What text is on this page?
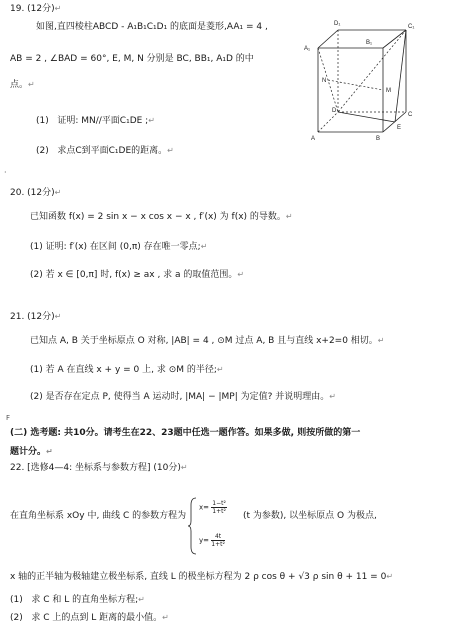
19. (12分)↵
如图,直四棱柱ABCD - A₁B₁C₁D₁ 的底面是菱形,AA₁ = 4 ,
AB = 2 , ∠BAD = 60°, E, M, N 分别是 BC, BB₁, A₁D 的中
点。↵
(1) 证明: MN//平面C₁DE ;↵
(2) 求点C到平面C₁DE的距离。↵
D₁
A₁
B₁
C₁
N
M
D
A	B
C
E
·
20. (12分)↵
已知函数 f(x) = 2 sin x − x cos x − x , f′(x) 为 f(x) 的导数。↵
(1) 证明: f′(x) 在区间 (0,π) 存在唯一零点;↵
(2) 若 x ∈ [0,π] 时, f(x) ≥ ax , 求 a 的取值范围。↵
21. (12分)↵
已知点 A, B 关于坐标原点 O 对称, |AB| = 4 , ⊙M 过点 A, B 且与直线 x+2=0 相切。↵
(1) 若 A 在直线 x + y = 0 上, 求 ⊙M 的半径;↵
(2) 是否存在定点 P, 使得当 A 运动时, |MA| − |MP| 为定值? 并说明理由。↵
F
(二) 选考题: 共10分。请考生在22、23题中任选一题作答。如果多做, 则按所做的第一
题计分。↵
22. [选修4—4: 坐标系与参数方程] (10分)↵
在直角坐标系 xOy 中, 曲线 C 的参数方程为
$x= \frac{\text{1−t²}}{\text{1+t²}}$
$y= \frac{4t}{\text{1+t²}}$
(t 为参数), 以坐标原点 O 为极点,
x 轴的正半轴为极轴建立极坐标系, 直线 L 的极坐标方程为 2 ρ cos θ + √3 ρ sin θ + 11 = 0↵
(1) 求 C 和 L 的直角坐标方程;↵
(2) 求 C 上的点到 L 距离的最小值。↵
